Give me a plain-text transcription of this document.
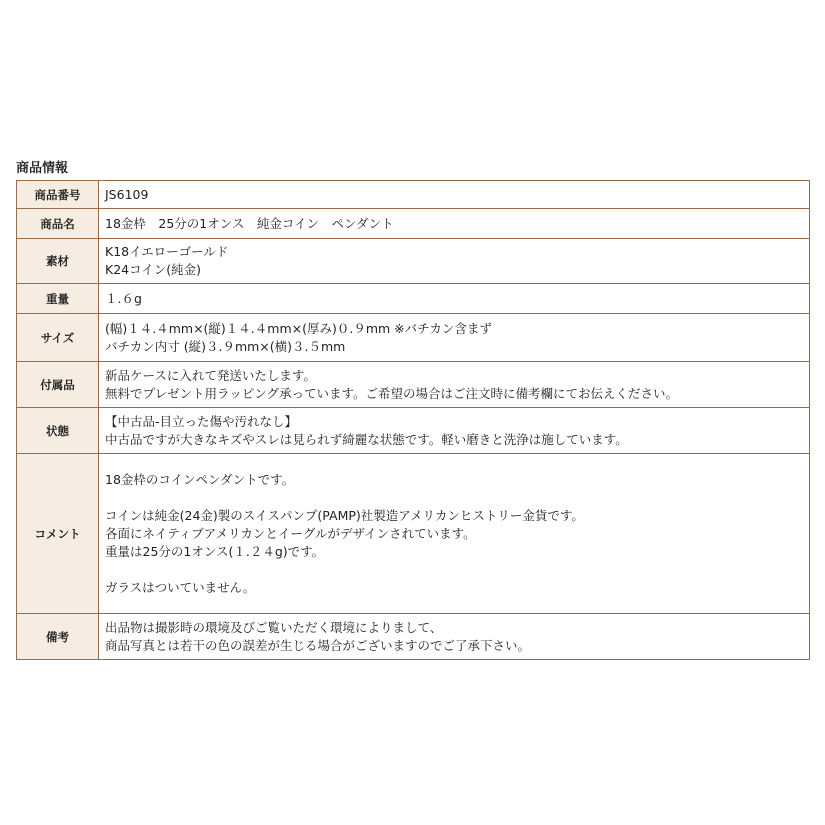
商品情報
商品番号	JS6109
商品名	18金枠　25分の1オンス　純金コイン　ペンダント
素材	K18イエローゴールド
K24コイン(純金)
重量	１.６g
サイズ	(幅)１４.４mm×(縦)１４.４mm×(厚み)０.９mm ※バチカン含まず
バチカン内寸 (縦)３.９mm×(横)３.５mm
付属品	新品ケースに入れて発送いたします。
無料でプレゼント用ラッピング承っています。ご希望の場合はご注文時に備考欄にてお伝えください。
状態	【中古品-目立った傷や汚れなし】
中古品ですが大きなキズやスレは見られず綺麗な状態です。軽い磨きと洗浄は施しています。
コメント	18金枠のコインペンダントです。

コインは純金(24金)製のスイスパンプ(PAMP)社製造アメリカンヒストリー金貨です。
各面にネイティブアメリカンとイーグルがデザインされています。
重量は25分の1オンス(１.２４g)です。

ガラスはついていません。
備考	出品物は撮影時の環境及びご覧いただく環境によりまして、
商品写真とは若干の色の誤差が生じる場合がございますのでご了承下さい。
